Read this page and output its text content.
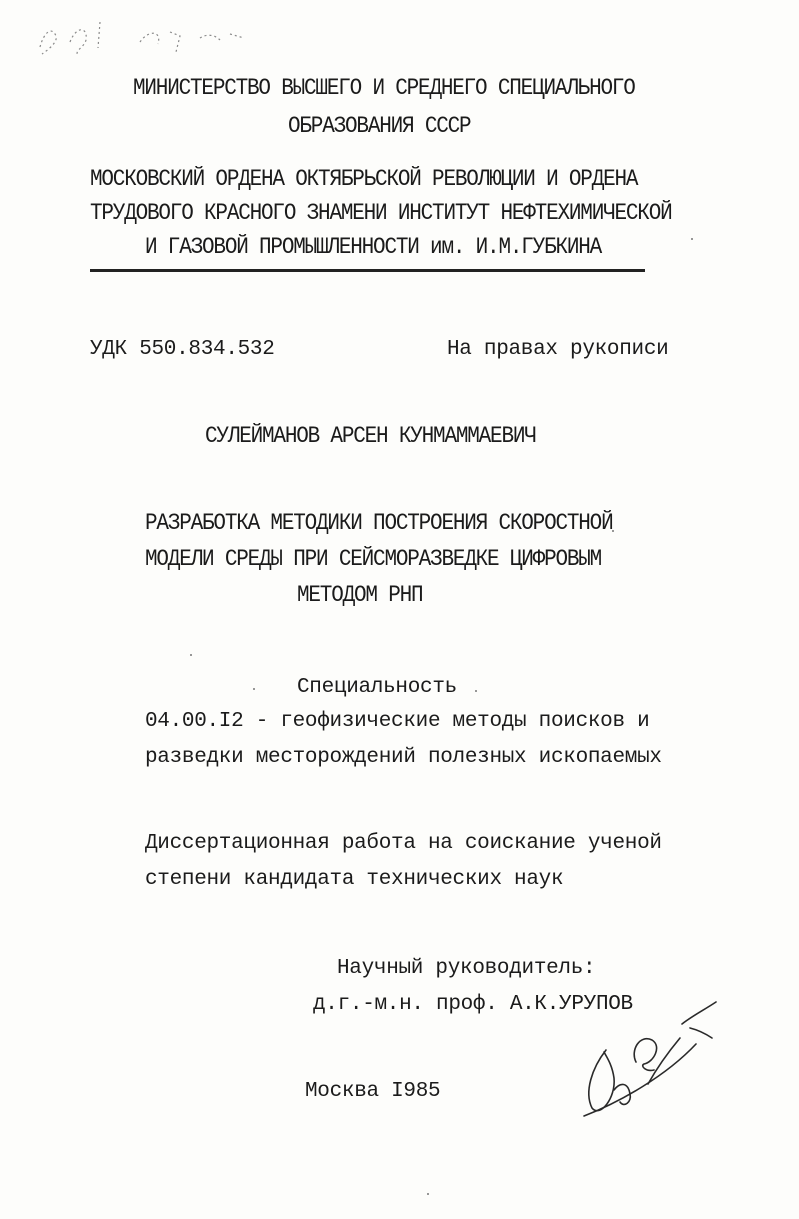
МИНИСТЕРСТВО ВЫСШЕГО И СРЕДНЕГО СПЕЦИАЛЬНОГО
ОБРАЗОВАНИЯ СССР
МОСКОВСКИЙ ОРДЕНА ОКТЯБРЬСКОЙ РЕВОЛЮЦИИ И ОРДЕНА
ТРУДОВОГО КРАСНОГО ЗНАМЕНИ ИНСТИТУТ НЕФТЕХИМИЧЕСКОЙ
И ГАЗОВОЙ ПРОМЫШЛЕННОСТИ им. И.М.ГУБКИНА
УДК 550.834.532	На правах рукописи
СУЛЕЙМАНОВ АРСЕН КУНМАММАЕВИЧ
РАЗРАБОТКА МЕТОДИКИ ПОСТРОЕНИЯ СКОРОСТНОЙ
МОДЕЛИ СРЕДЫ ПРИ СЕЙСМОРАЗВЕДКЕ ЦИФРОВЫМ
МЕТОДОМ РНП
Специальность
04.00.I2 - геофизические методы поисков и
разведки месторождений полезных ископаемых
Диссертационная работа на соискание ученой
степени кандидата технических наук
Научный руководитель:
д.г.-м.н. проф. А.К.УРУПОВ
Москва I985
